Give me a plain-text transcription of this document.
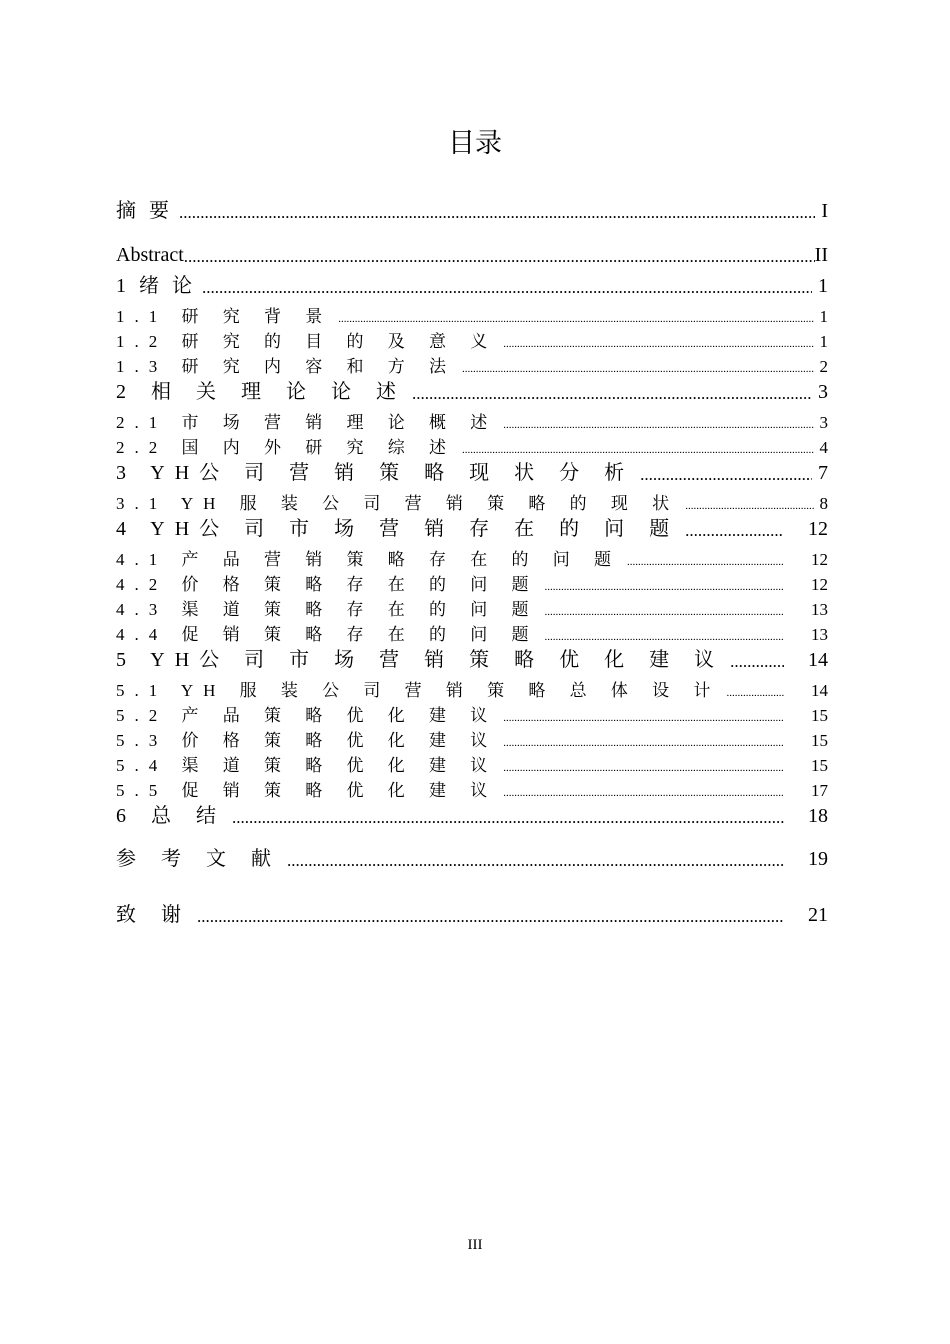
目录
摘 要 .....	I
Abstract .....	II
1 绪 论 .....	1
1.1 研 究 背 景 .....	1
1.2 研 究 的 目 的 及 意 义 .....	1
1.3 研 究 内 容 和 方 法 .....	2
2 相 关 理 论 论 述 .....	3
2.1 市 场 营 销 理 论 概 述 .....	3
2.2 国 内 外 研 究 综 述 .....	4
3 YH公 司 营 销 策 略 现 状 分 析 .....	7
3.1 YH 服 装 公 司 营 销 策 略 的 现 状 .....	8
4 YH公 司 市 场 营 销 存 在 的 问 题 .....	12
4.1 产 品 营 销 策 略 存 在 的 问 题 .....	12
4.2 价 格 策 略 存 在 的 问 题 .....	12
4.3 渠 道 策 略 存 在 的 问 题 .....	13
4.4 促 销 策 略 存 在 的 问 题 .....	13
5 YH公 司 市 场 营 销 策 略 优 化 建 议 .....	14
5.1 YH 服 装 公 司 营 销 策 略 总 体 设 计 .....	14
5.2 产 品 策 略 优 化 建 议 .....	15
5.3 价 格 策 略 优 化 建 议 .....	15
5.4 渠 道 策 略 优 化 建 议 .....	15
5.5 促 销 策 略 优 化 建 议 .....	17
6 总 结 .....	18
参 考 文 献 .....	19
致 谢 .....	21
III
